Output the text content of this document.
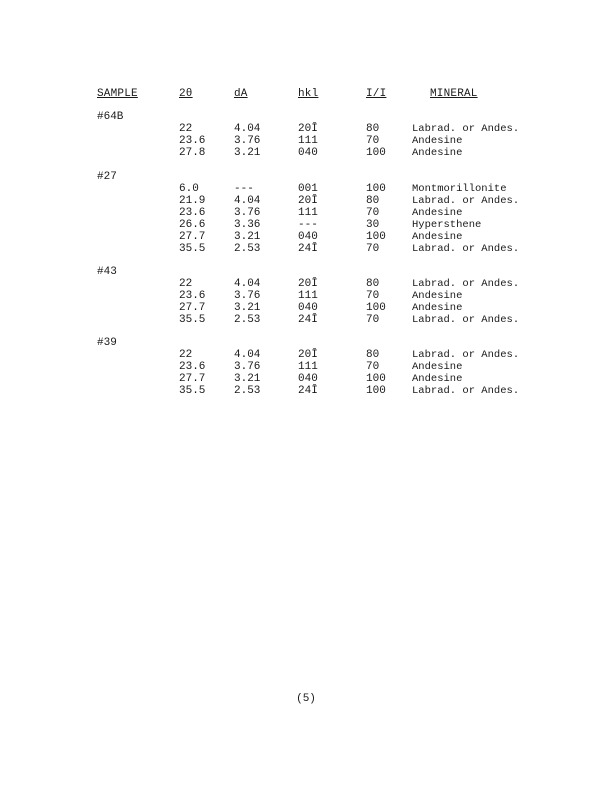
SAMPLE	2θ	dA	hkl	I/I	MINERAL
#64B
22	4.04	20Ī	80	Labrad. or Andes.
23.6	3.76	111	70	Andesine
27.8	3.21	040	100 Andesine
#27
6.0	---	001	100 Montmorillonite
21.9	4.04	20Ī	80	Labrad. or Andes.
23.6	3.76	111	70	Andesine
26.6	3.36	---	30	Hypersthene
27.7	3.21	040	100 Andesine
35.5	2.53	24Ī	70	Labrad. or Andes.
#43
22	4.04	20Ī	80	Labrad. or Andes.
23.6	3.76	111	70	Andesine
27.7	3.21	040	100 Andesine
35.5	2.53	24Ī	70	Labrad. or Andes.
#39
22	4.04	20Ī	80	Labrad. or Andes.
23.6	3.76	111	70	Andesine
27.7	3.21	040	100 Andesine
35.5	2.53	24Ī	100 Labrad. or Andes.
(5)
